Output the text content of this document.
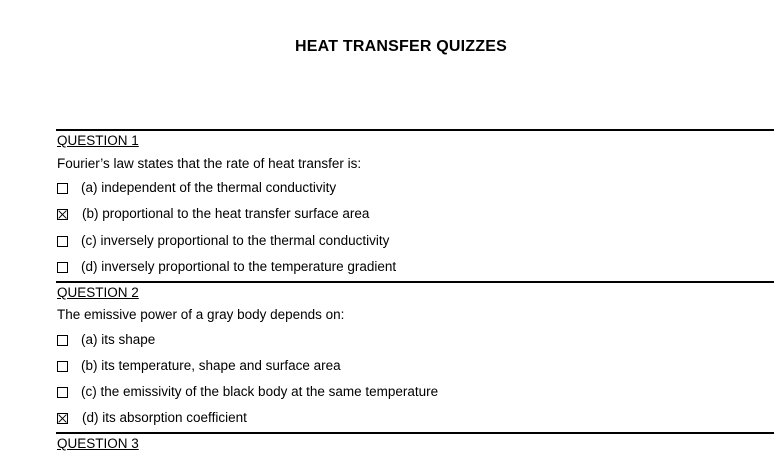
HEAT TRANSFER QUIZZES
QUESTION 1
Fourier’s law states that the rate of heat transfer is:
(a) independent of the thermal conductivity
(b) proportional to the heat transfer surface area
(c) inversely proportional to the thermal conductivity
(d) inversely proportional to the temperature gradient
QUESTION 2
The emissive power of a gray body depends on:
(a) its shape
(b) its temperature, shape and surface area
(c) the emissivity of the black body at the same temperature
(d) its absorption coefficient
QUESTION 3
